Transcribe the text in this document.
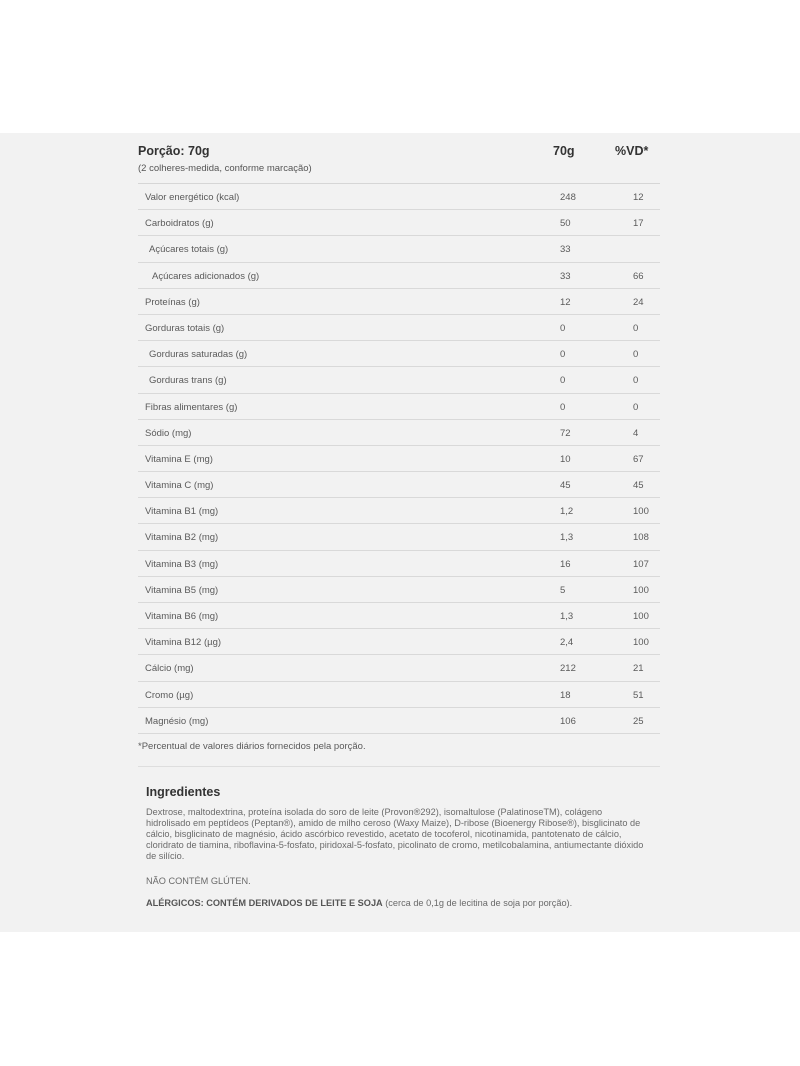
Porção: 70g
(2 colheres-medida, conforme marcação)
70g	%VD*
Valor energético (kcal)	248	12
Carboidratos (g)	50	17
Açúcares totais (g)	33
Açúcares adicionados (g)	33	66
Proteínas (g)	12	24
Gorduras totais (g)	0	0
Gorduras saturadas (g)	0	0
Gorduras trans (g)	0	0
Fibras alimentares (g)	0	0
Sódio (mg)	72	4
Vitamina E (mg)	10	67
Vitamina C (mg)	45	45
Vitamina B1 (mg)	1,2	100
Vitamina B2 (mg)	1,3	108
Vitamina B3 (mg)	16	107
Vitamina B5 (mg)	5	100
Vitamina B6 (mg)	1,3	100
Vitamina B12 (µg)	2,4	100
Cálcio (mg)	212	21
Cromo (µg)	18	51
Magnésio (mg)	106	25
*Percentual de valores diários fornecidos pela porção.
Ingredientes
Dextrose, maltodextrina, proteína isolada do soro de leite (Provon®292), isomaltulose (PalatinoseTM), colágeno hidrolisado em peptídeos (Peptan®), amido de milho ceroso (Waxy Maize), D-ribose (Bioenergy Ribose®), bisglicinato de cálcio, bisglicinato de magnésio, ácido ascórbico revestido, acetato de tocoferol, nicotinamida, pantotenato de cálcio, cloridrato de tiamina, riboflavina-5-fosfato, piridoxal-5-fosfato, picolinato de cromo, metilcobalamina, antiumectante dióxido de silício.
NÃO CONTÉM GLÚTEN.
ALÉRGICOS: CONTÉM DERIVADOS DE LEITE E SOJA (cerca de 0,1g de lecitina de soja por porção).
